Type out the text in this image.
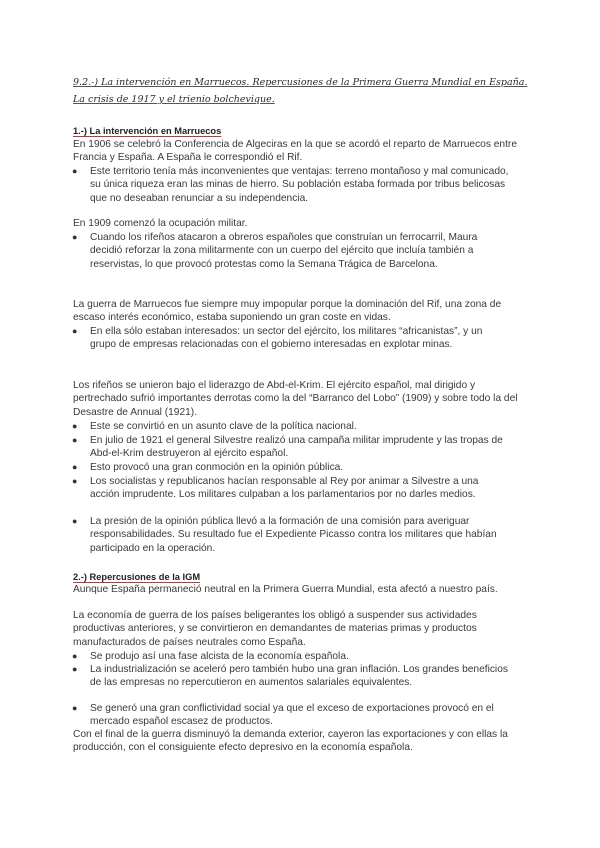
9.2.-) La intervención en Marruecos. Repercusiones de la Primera Guerra Mundial en España. La crisis de 1917 y el trienio bolchevique.
1.-) La intervención en Marruecos
En 1906 se celebró la Conferencia de Algeciras en la que se acordó el reparto de Marruecos entre Francia y España. A España le correspondió el Rif.
● Este territorio tenía más inconvenientes que ventajas: terreno montañoso y mal comunicado, su única riqueza eran las minas de hierro. Su población estaba formada por tribus belicosas que no deseaban renunciar a su independencia.
En 1909 comenzó la ocupación militar.
● Cuando los rifeños atacaron a obreros españoles que construían un ferrocarril, Maura decidió reforzar la zona militarmente con un cuerpo del ejército que incluía también a reservistas, lo que provocó protestas como la Semana Trágica de Barcelona.
La guerra de Marruecos fue siempre muy impopular porque la dominación del Rif, una zona de escaso interés económico, estaba suponiendo un gran coste en vidas.
● En ella sólo estaban interesados: un sector del ejército, los militares “africanistas”, y un grupo de empresas relacionadas con el gobierno interesadas en explotar minas.
Los rifeños se unieron bajo el liderazgo de Abd-el-Krim. El ejército español, mal dirigido y pertrechado sufrió importantes derrotas como la del “Barranco del Lobo” (1909) y sobre todo la del Desastre de Annual (1921).
● Este se convirtió en un asunto clave de la política nacional.
● En julio de 1921 el general Silvestre realizó una campaña militar imprudente y las tropas de Abd-el-Krim destruyeron al ejército español.
● Esto provocó una gran conmoción en la opinión pública.
● Los socialistas y republicanos hacían responsable al Rey por animar a Silvestre a una acción imprudente. Los militares culpaban a los parlamentarios por no darles medios.
● La presión de la opinión pública llevó a la formación de una comisión para averiguar responsabilidades. Su resultado fue el Expediente Picasso contra los militares que habían participado en la operación.
2.-) Repercusiones de la IGM
Aunque España permaneció neutral en la Primera Guerra Mundial, esta afectó a nuestro país.
La economía de guerra de los países beligerantes los obligó a suspender sus actividades productivas anteriores, y se convirtieron en demandantes de materias primas y productos manufacturados de países neutrales como España.
● Se produjo así una fase alcista de la economía española.
● La industrialización se aceleró pero también hubo una gran inflación. Los grandes beneficios de las empresas no repercutieron en aumentos salariales equivalentes.
● Se generó una gran conflictividad social ya que el exceso de exportaciones provocó en el mercado español escasez de productos.
Con el final de la guerra disminuyó la demanda exterior, cayeron las exportaciones y con ellas la producción, con el consiguiente efecto depresivo en la economía española.
